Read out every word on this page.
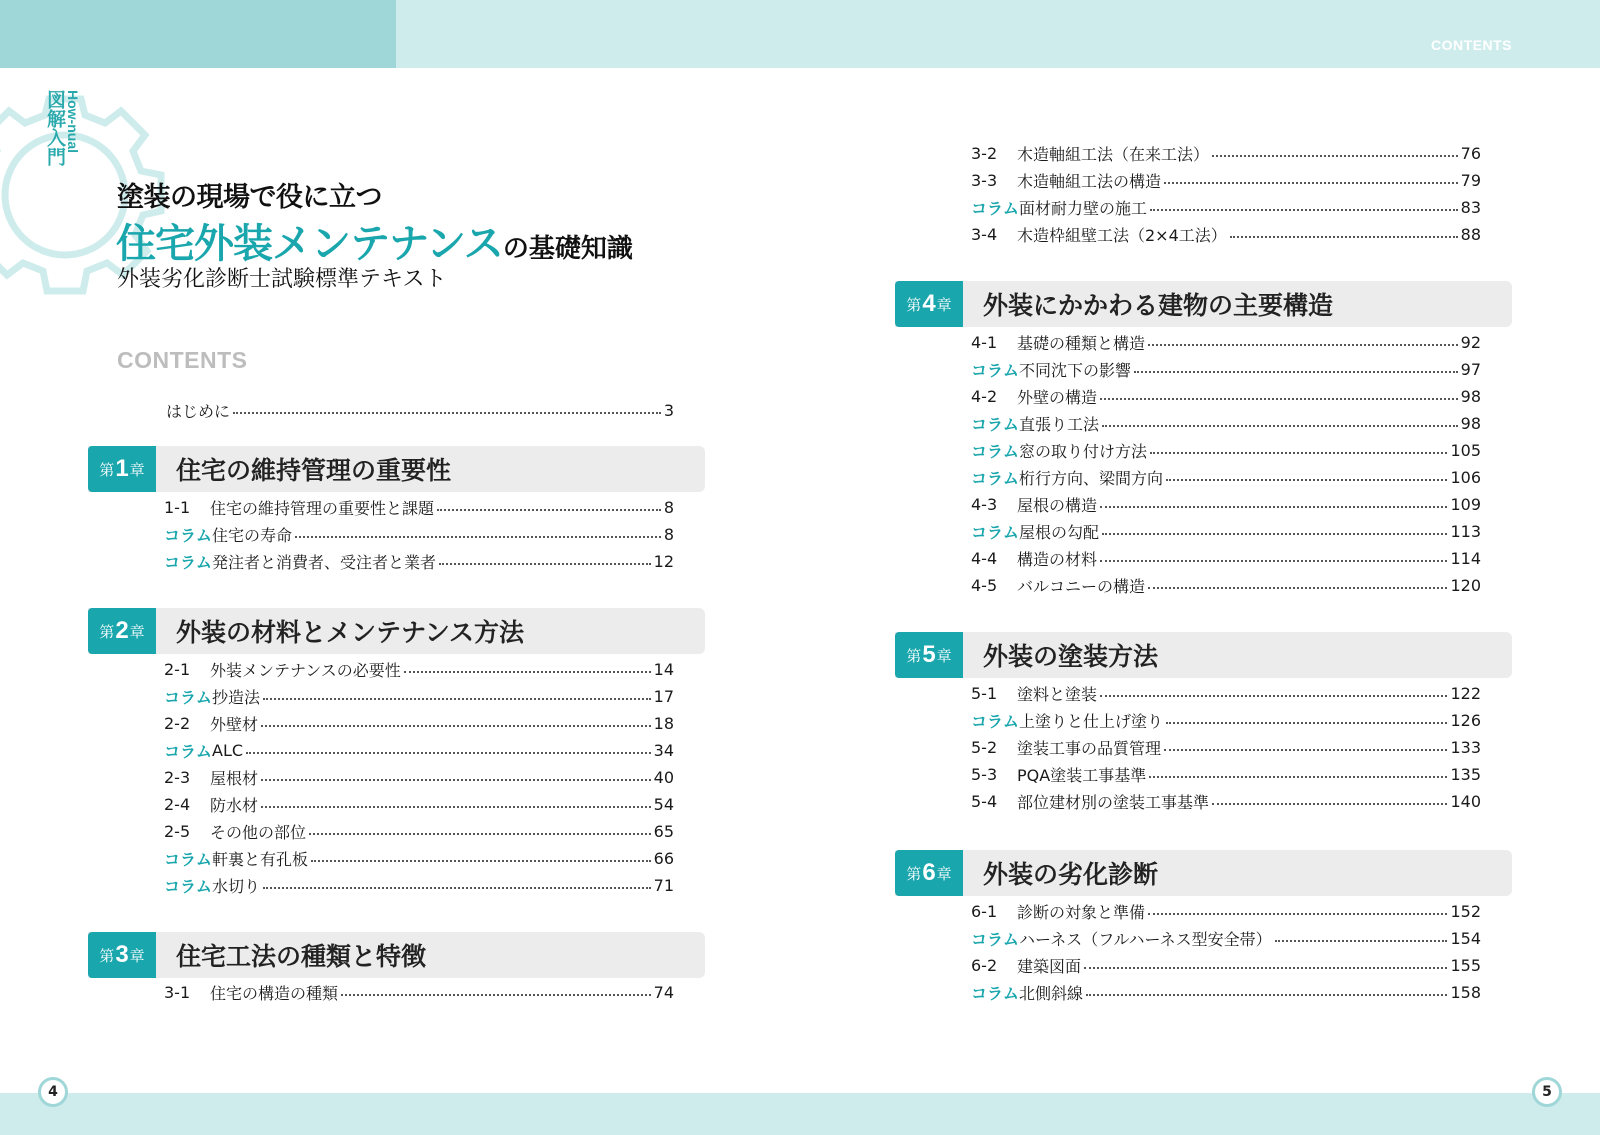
CONTENTS
How-nual
図解入門
塗装の現場で役に立つ
住宅外装メンテナンスの基礎知識
外装劣化診断士試験標準テキスト
CONTENTS
はじめに	3
第 1 章 住宅の維持管理の重要性
1-1	住宅の維持管理の重要性と課題	8
コラム 住宅の寿命	8
コラム 発注者と消費者、受注者と業者	12
第 2 章 外装の材料とメンテナンス方法
2-1	外装メンテナンスの必要性	14
コラム 抄造法	17
2-2	外壁材	18
コラム ALC	34
2-3	屋根材	40
2-4	防水材	54
2-5	その他の部位	65
コラム 軒裏と有孔板	66
コラム 水切り	71
第 3 章 住宅工法の種類と特徴
3-1	住宅の構造の種類	74
3-2	木造軸組工法（在来工法）	76
3-3	木造軸組工法の構造	79
コラム 面材耐力壁の施工	83
3-4	木造枠組壁工法（2×4工法）	88
第 4 章 外装にかかわる建物の主要構造
4-1	基礎の種類と構造	92
コラム 不同沈下の影響	97
4-2	外壁の構造	98
コラム 直張り工法	98
コラム 窓の取り付け方法	105
コラム 桁行方向、梁間方向	106
4-3	屋根の構造	109
コラム 屋根の勾配	113
4-4	構造の材料	114
4-5	バルコニーの構造	120
第 5 章 外装の塗装方法
5-1	塗料と塗装	122
コラム 上塗りと仕上げ塗り	126
5-2	塗装工事の品質管理	133
5-3	PQA塗装工事基準	135
5-4	部位建材別の塗装工事基準	140
第 6 章 外装の劣化診断
6-1	診断の対象と準備	152
コラム ハーネス（フルハーネス型安全帯）	154
6-2	建築図面	155
コラム 北側斜線	158
4	5
